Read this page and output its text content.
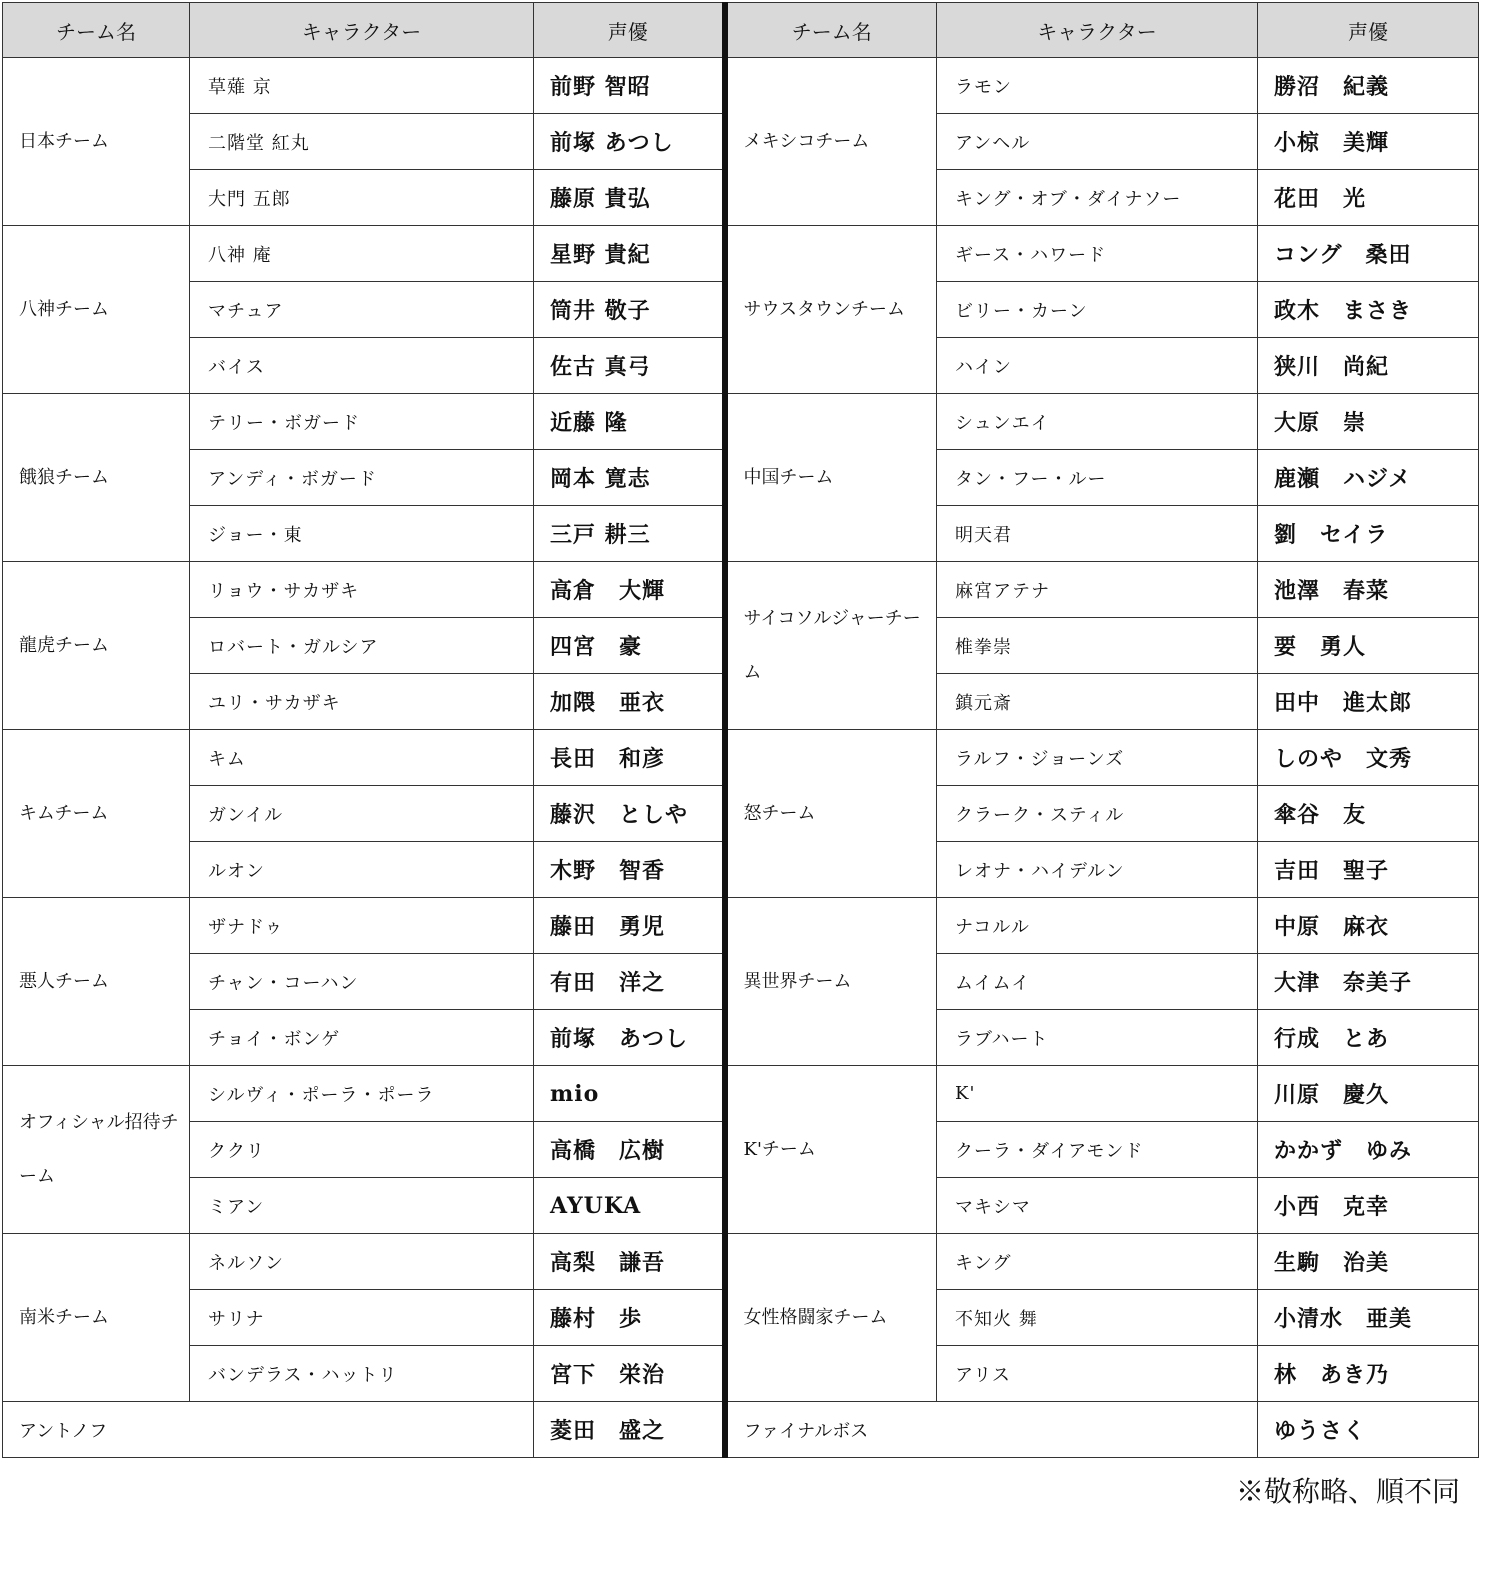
チーム名	キャラクター	声優	チーム名	キャラクター	声優
日本チーム	草薙 京	前野 智昭	メキシコチーム	ラモン	勝沼　紀義
	二階堂 紅丸	前塚 あつし		アンヘル	小椋　美輝
	大門 五郎	藤原 貴弘		キング・オブ・ダイナソー	花田　光
八神チーム	八神 庵	星野 貴紀	サウスタウンチーム	ギース・ハワード	コング　桑田
	マチュア	筒井 敬子		ビリー・カーン	政木　まさき
	バイス	佐古 真弓		ハイン	狭川　尚紀
餓狼チーム	テリー・ボガード	近藤 隆	中国チーム	シュンエイ	大原　崇
	アンディ・ボガード	岡本 寛志		タン・フー・ルー	鹿瀬　ハジメ
	ジョー・東	三戸 耕三		明天君	劉　セイラ
龍虎チーム	リョウ・サカザキ	高倉　大輝	サイコソルジャーチーム	麻宮アテナ	池澤　春菜
	ロバート・ガルシア	四宮　豪		椎拳崇	要　勇人
	ユリ・サカザキ	加隈　亜衣		鎮元斎	田中　進太郎
キムチーム	キム	長田　和彦	怒チーム	ラルフ・ジョーンズ	しのや　文秀
	ガンイル	藤沢　としや		クラーク・スティル	傘谷　友
	ルオン	木野　智香		レオナ・ハイデルン	吉田　聖子
悪人チーム	ザナドゥ	藤田　勇児	異世界チーム	ナコルル	中原　麻衣
	チャン・コーハン	有田　洋之		ムイムイ	大津　奈美子
	チョイ・ボンゲ	前塚　あつし		ラブハート	行成　とあ
オフィシャル招待チーム	シルヴィ・ポーラ・ポーラ	mio	K'チーム	K'	川原　慶久
	ククリ	高橋　広樹		クーラ・ダイアモンド	かかず　ゆみ
	ミアン	AYUKA		マキシマ	小西　克幸
南米チーム	ネルソン	高梨　謙吾	女性格闘家チーム	キング	生駒　治美
	サリナ	藤村　歩		不知火 舞	小清水　亜美
	バンデラス・ハットリ	宮下　栄治		アリス	林　あき乃
アントノフ		菱田　盛之	ファイナルボス		ゆうさく
※敬称略、順不同
